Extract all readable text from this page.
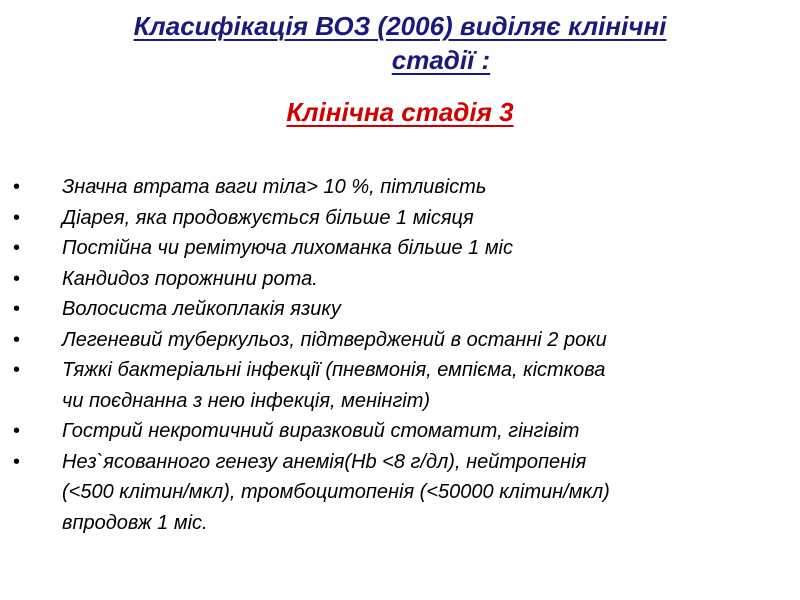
Класифікація ВОЗ (2006) виділяє клінічні
стадії :
Клінічна стадія 3
• Значна втрата ваги тіла> 10 %, пітливість
• Діарея, яка продовжується більше 1 місяця
• Постійна чи ремітуюча лихоманка більше 1 міс
• Кандидоз порожнини рота.
• Волосиста лейкоплакія язику
• Легеневий туберкульоз, підтверджений в останні 2 роки
• Тяжкі бактеріальні інфекції (пневмонія, емпієма, кісткова
чи поєднанна з нею інфекція, менінгіт)
• Гострий некротичний виразковий стоматит, гінгівіт
• Нез`ясованного генезу анемія(Hb <8 г/дл), нейтропенія
(<500 клітин/мкл), тромбоцитопенія (<50000 клітин/мкл)
впродовж 1 міс.
